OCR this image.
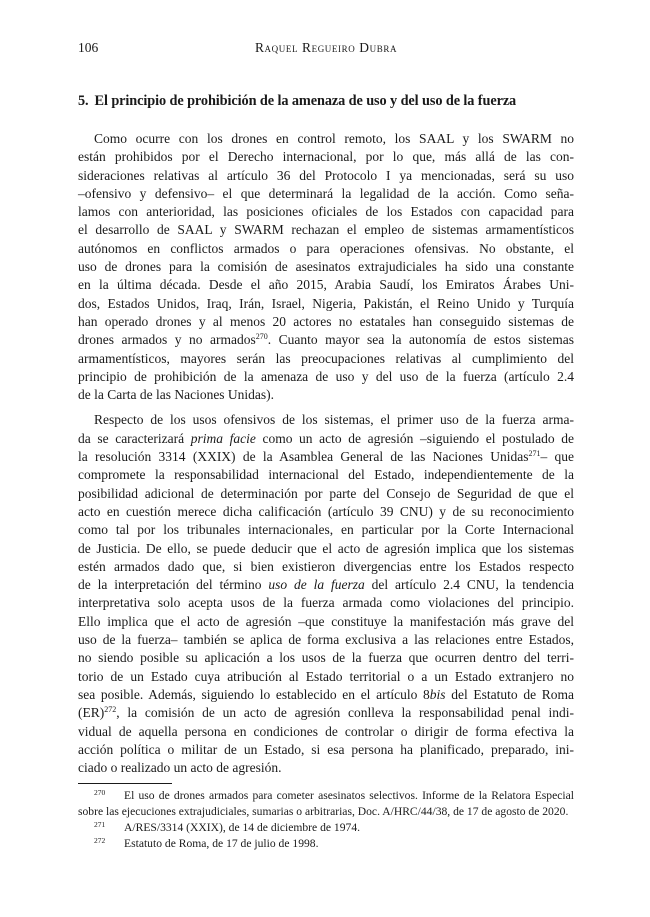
106	Raquel Regueiro Dubra
5. El principio de prohibición de la amenaza de uso y del uso de la fuerza
Como ocurre con los drones en control remoto, los SAAL y los SWARM no
están prohibidos por el Derecho internacional, por lo que, más allá de las con-
sideraciones relativas al artículo 36 del Protocolo I ya mencionadas, será su uso
–ofensivo y defensivo– el que determinará la legalidad de la acción. Como seña-
lamos con anterioridad, las posiciones oficiales de los Estados con capacidad para
el desarrollo de SAAL y SWARM rechazan el empleo de sistemas armamentísticos
autónomos en conflictos armados o para operaciones ofensivas. No obstante, el
uso de drones para la comisión de asesinatos extrajudiciales ha sido una constante
en la última década. Desde el año 2015, Arabia Saudí, los Emiratos Árabes Uni-
dos, Estados Unidos, Iraq, Irán, Israel, Nigeria, Pakistán, el Reino Unido y Turquía
han operado drones y al menos 20 actores no estatales han conseguido sistemas de
drones armados y no armados$^{270}$. Cuanto mayor sea la autonomía de estos sistemas
armamentísticos, mayores serán las preocupaciones relativas al cumplimiento del
principio de prohibición de la amenaza de uso y del uso de la fuerza (artículo 2.4
de la Carta de las Naciones Unidas).
Respecto de los usos ofensivos de los sistemas, el primer uso de la fuerza arma-
da se caracterizará prima facie como un acto de agresión –siguiendo el postulado de
la resolución 3314 (XXIX) de la Asamblea General de las Naciones Unidas$^{271}$– que
compromete la responsabilidad internacional del Estado, independientemente de la
posibilidad adicional de determinación por parte del Consejo de Seguridad de que el
acto en cuestión merece dicha calificación (artículo 39 CNU) y de su reconocimiento
como tal por los tribunales internacionales, en particular por la Corte Internacional
de Justicia. De ello, se puede deducir que el acto de agresión implica que los sistemas
estén armados dado que, si bien existieron divergencias entre los Estados respecto
de la interpretación del término uso de la fuerza del artículo 2.4 CNU, la tendencia
interpretativa solo acepta usos de la fuerza armada como violaciones del principio.
Ello implica que el acto de agresión –que constituye la manifestación más grave del
uso de la fuerza– también se aplica de forma exclusiva a las relaciones entre Estados,
no siendo posible su aplicación a los usos de la fuerza que ocurren dentro del terri-
torio de un Estado cuya atribución al Estado territorial o a un Estado extranjero no
sea posible. Además, siguiendo lo establecido en el artículo 8bis del Estatuto de Roma
(ER)$^{272}$, la comisión de un acto de agresión conlleva la responsabilidad penal indi-
vidual de aquella persona en condiciones de controlar o dirigir de forma efectiva la
acción política o militar de un Estado, si esa persona ha planificado, preparado, ini-
ciado o realizado un acto de agresión.
270 El uso de drones armados para cometer asesinatos selectivos. Informe de la Relatora Especial
sobre las ejecuciones extrajudiciales, sumarias o arbitrarias, Doc. A/HRC/44/38, de 17 de agosto de 2020.
271 A/RES/3314 (XXIX), de 14 de diciembre de 1974.
272 Estatuto de Roma, de 17 de julio de 1998.
